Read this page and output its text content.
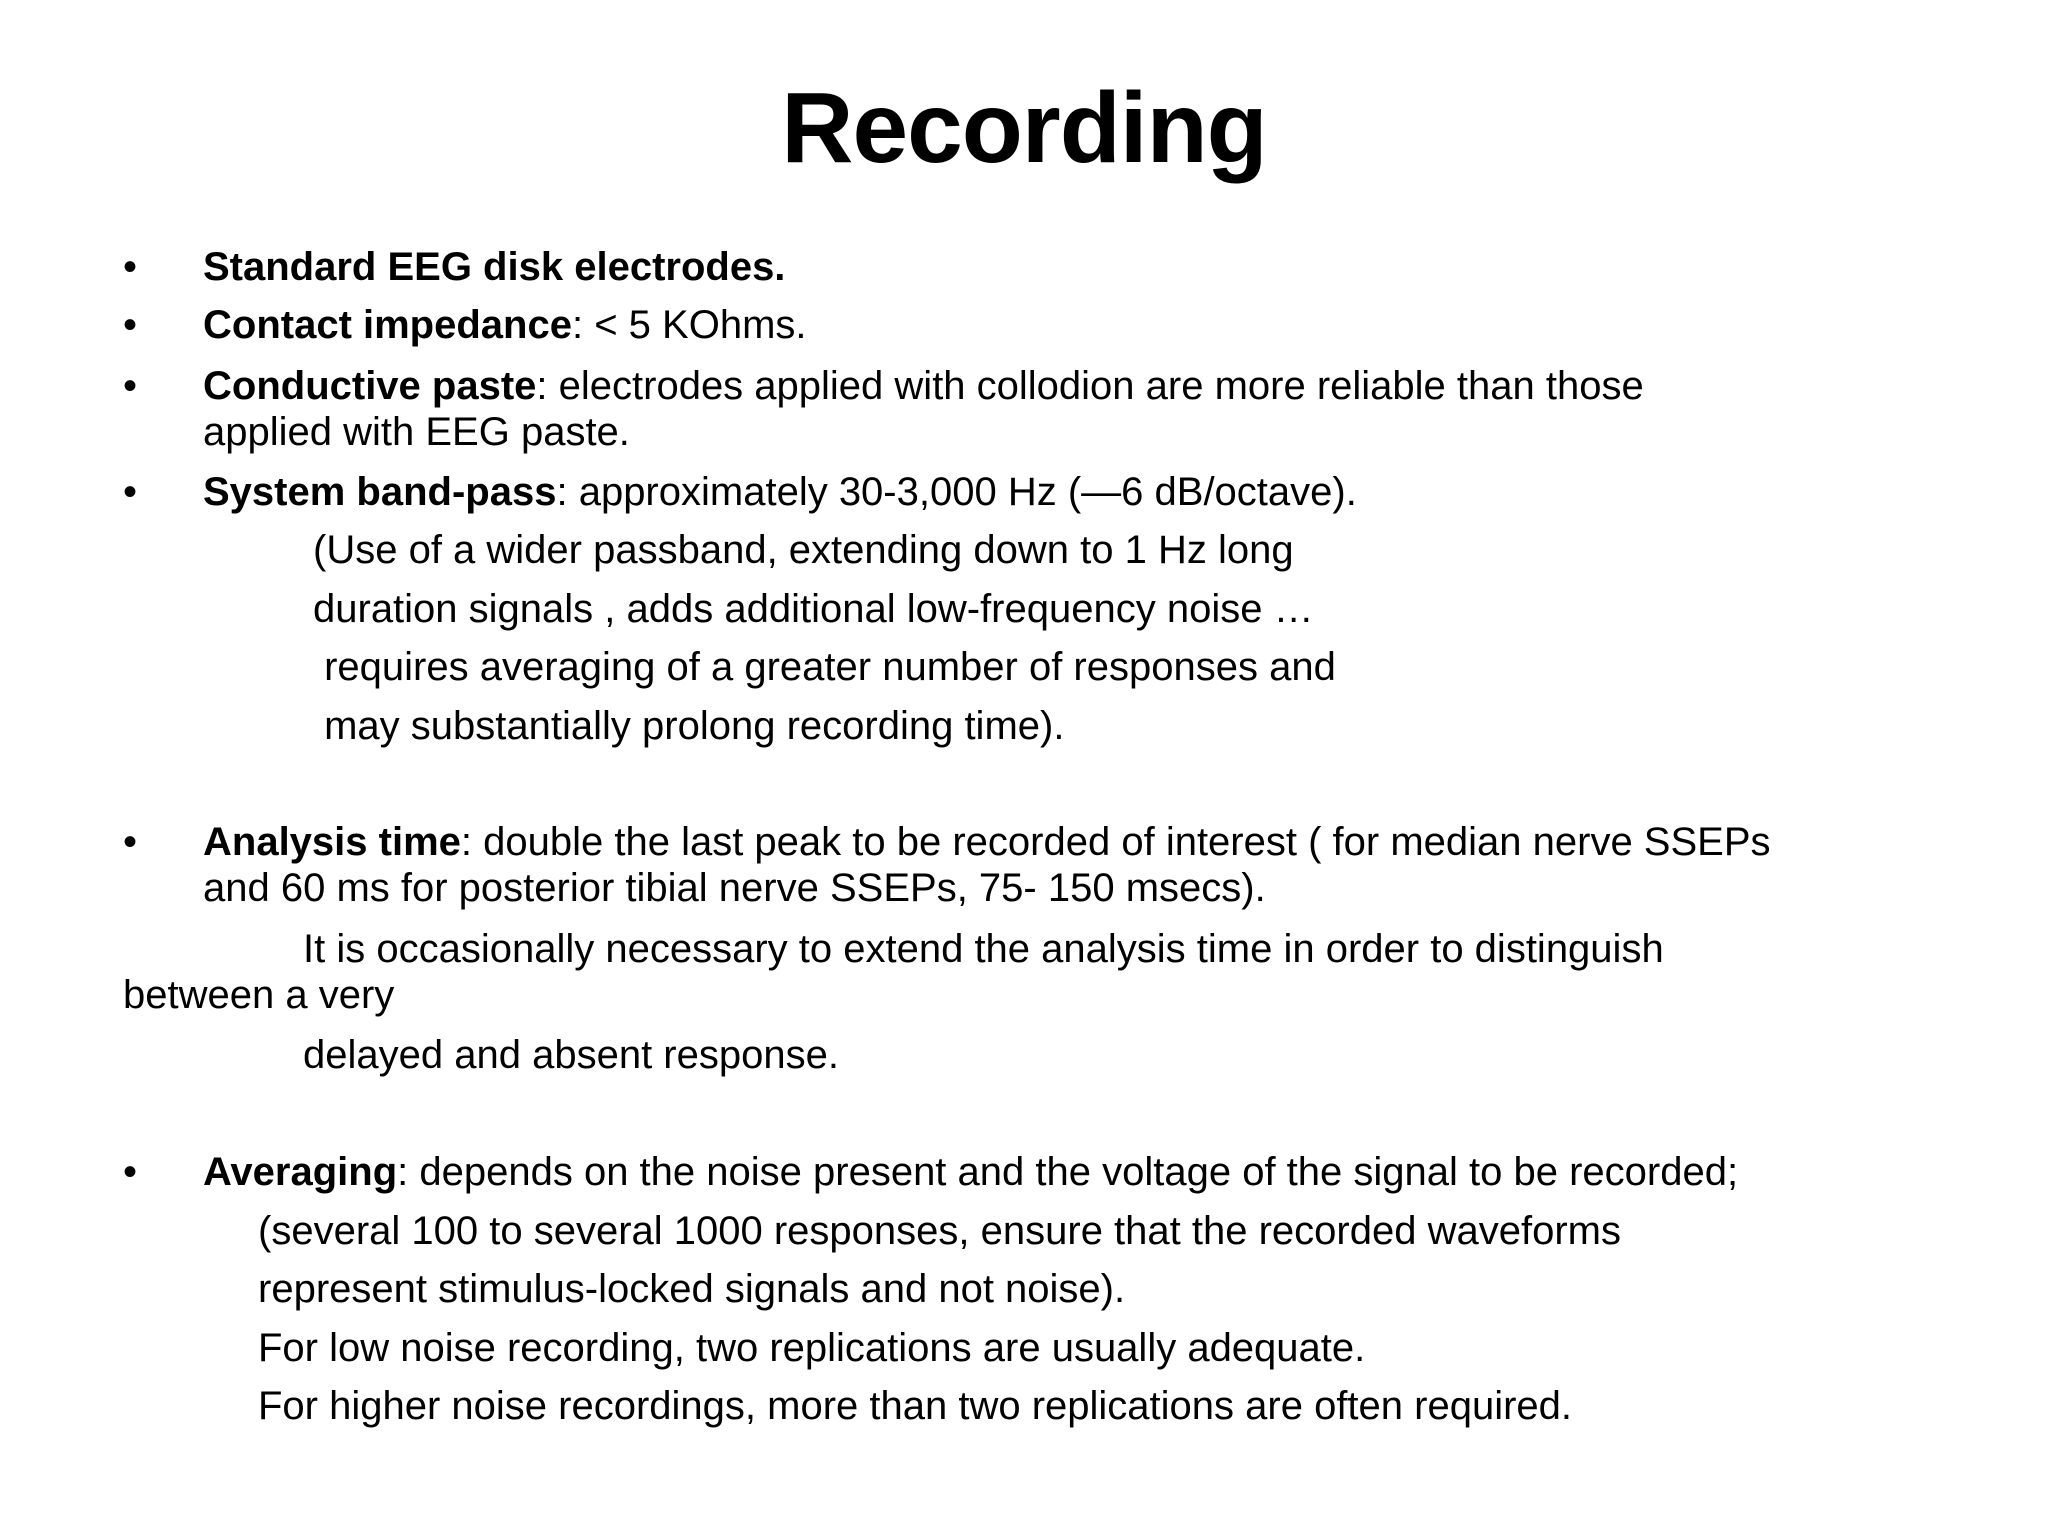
Recording
• Standard EEG disk electrodes.
• Contact impedance: < 5 KOhms.
• Conductive paste: electrodes applied with collodion are more reliable than those
applied with EEG paste.
• System band-pass: approximately 30-3,000 Hz (—6 dB/octave).
(Use of a wider passband, extending down to 1 Hz long
duration signals , adds additional low-frequency noise …
requires averaging of a greater number of responses and
may substantially prolong recording time).
• Analysis time: double the last peak to be recorded of interest ( for median nerve SSEPs
and 60 ms for posterior tibial nerve SSEPs, 75- 150 msecs).
It is occasionally necessary to extend the analysis time in order to distinguish
between a very
delayed and absent response.
• Averaging: depends on the noise present and the voltage of the signal to be recorded;
(several 100 to several 1000 responses, ensure that the recorded waveforms
represent stimulus-locked signals and not noise).
For low noise recording, two replications are usually adequate.
For higher noise recordings, more than two replications are often required.
